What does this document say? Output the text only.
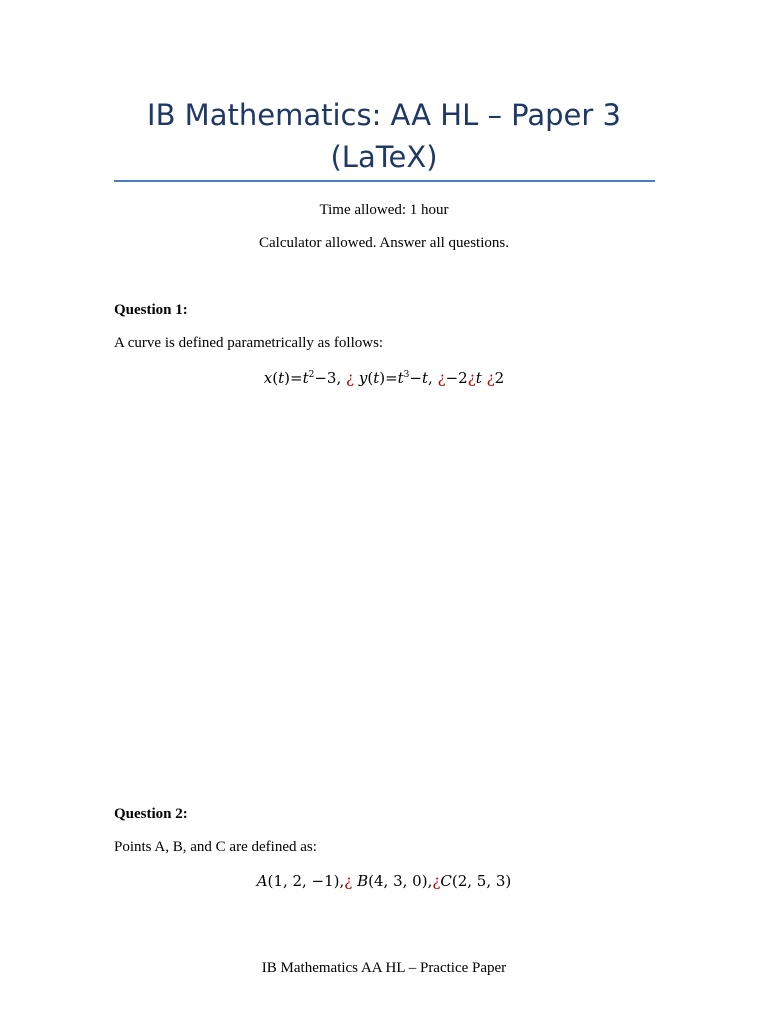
IB Mathematics: AA HL – Paper 3 (LaTeX)
Time allowed: 1 hour
Calculator allowed. Answer all questions.
Question 1:
A curve is defined parametrically as follows:
$x(t)=t^2-3$, ¿ $y(t)=t^3-t$, ¿−2¿t ¿2
Question 2:
Points A, B, and C are defined as:
A(1, 2, −1),¿ B(4, 3, 0),¿C(2, 5, 3)
IB Mathematics AA HL – Practice Paper
